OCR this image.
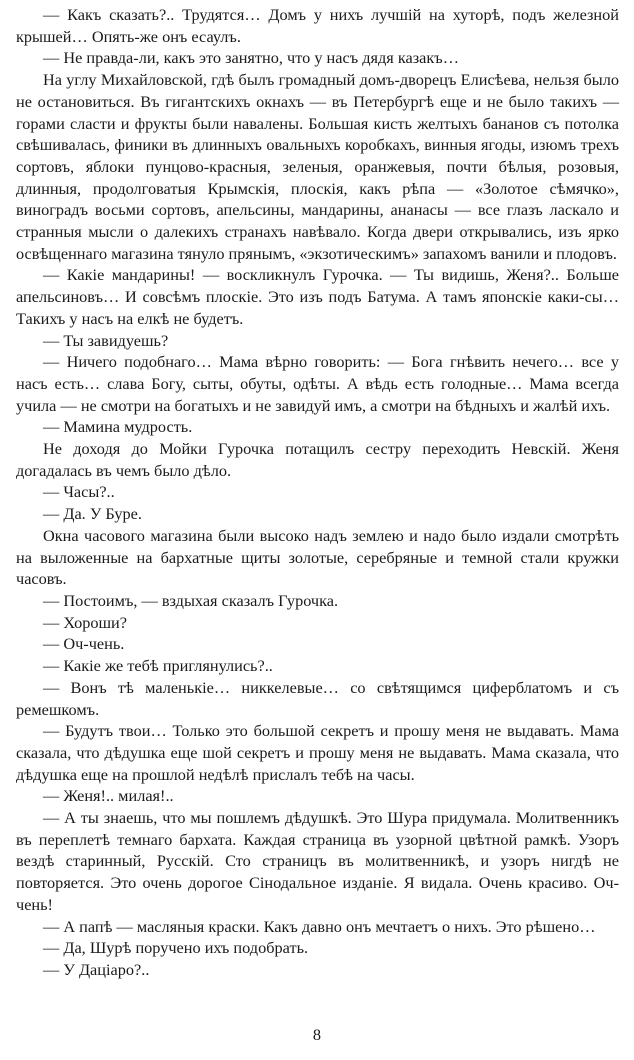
— Какъ сказать?.. Трудятся… Домъ у нихъ лучшій на хуторѣ, подъ железной крышей… Опять-же онъ есаулъ.

— Не правда-ли, какъ это занятно, что у насъ дядя казакъ…

На углу Михайловской, гдѣ былъ громадный домъ-дворецъ Елисѣева, нельзя было не остановиться. Въ гигантскихъ окнахъ — въ Петербургѣ еще и не было такихъ — горами сласти и фрукты были навалены. Большая кисть желтыхъ бананов съ потолка свѣшивалась, финики въ длинныхъ овальныхъ коробкахъ, винныя ягоды, изюмъ трехъ сортовъ, яблоки пунцово-красныя, зеленыя, оранжевыя, почти бѣлыя, розовыя, длинныя, продолговатыя Крымскія, плоскія, какъ рѣпа — «Золотое сѣмячко», виноградъ восьми сортовъ, апельсины, мандарины, ананасы — все глазъ ласкало и странныя мысли о далекихъ странахъ навѣвало. Когда двери открывались, изъ ярко освѣщеннаго магазина тянуло прянымъ, «экзотическимъ» запахомъ ванили и плодовъ.

— Какіе мандарины! — воскликнулъ Гурочка. — Ты видишь, Женя?.. Больше апельсиновъ… И совсѣмъ плоскіе. Это изъ подъ Батума. А тамъ японскіе каки-сы… Такихъ у насъ на елкѣ не будетъ.

— Ты завидуешь?

— Ничего подобнаго… Мама вѣрно говорить: — Бога гнѣвить нечего… все у насъ есть… слава Богу, сыты, обуты, одѣты. А вѣдь есть голодные… Мама всегда учила — не смотри на богатыхъ и не завидуй имъ, а смотри на бѣдныхъ и жалѣй ихъ.

— Мамина мудрость.

Не доходя до Мойки Гурочка потащилъ сестру переходить Невскій. Женя догадалась въ чемъ было дѣло.

— Часы?..

— Да. У Буре.

Окна часового магазина были высоко надъ землею и надо было издали смотрѣть на выложенные на бархатные щиты золотые, серебряные и темной стали кружки часовъ.

— Постоимъ, — вздыхая сказалъ Гурочка.

— Хороши?

— Оч-чень.

— Какіе же тебѣ приглянулись?..

— Вонъ тѣ маленькіе… никкелевые… со свѣтящимся циферблатомъ и съ ремешкомъ.

— Будутъ твои… Только это большой секретъ и прошу меня не выдавать. Мама сказала, что дѣдушка еще шой секретъ и прошу меня не выдавать. Мама сказала, что дѣдушка еще на прошлой недѣлѣ прислалъ тебѣ на часы.

— Женя!.. милая!..

— А ты знаешь, что мы пошлемъ дѣдушкѣ. Это Шура придумала. Молитвенникъ въ переплетѣ темнаго бархата. Каждая страница въ узорной цвѣтной рамкѣ. Узоръ вездѣ старинный, Русскій. Сто страницъ въ молитвенникѣ, и узоръ нигдѣ не повторяется. Это очень дорогое Сінодальное изданіе. Я видала. Очень красиво. Оч-чень!

— А папѣ — масляныя краски. Какъ давно онъ мечтаетъ о нихъ. Это рѣшено…

— Да, Шурѣ поручено ихъ подобрать.

— У Даціаро?..

8
